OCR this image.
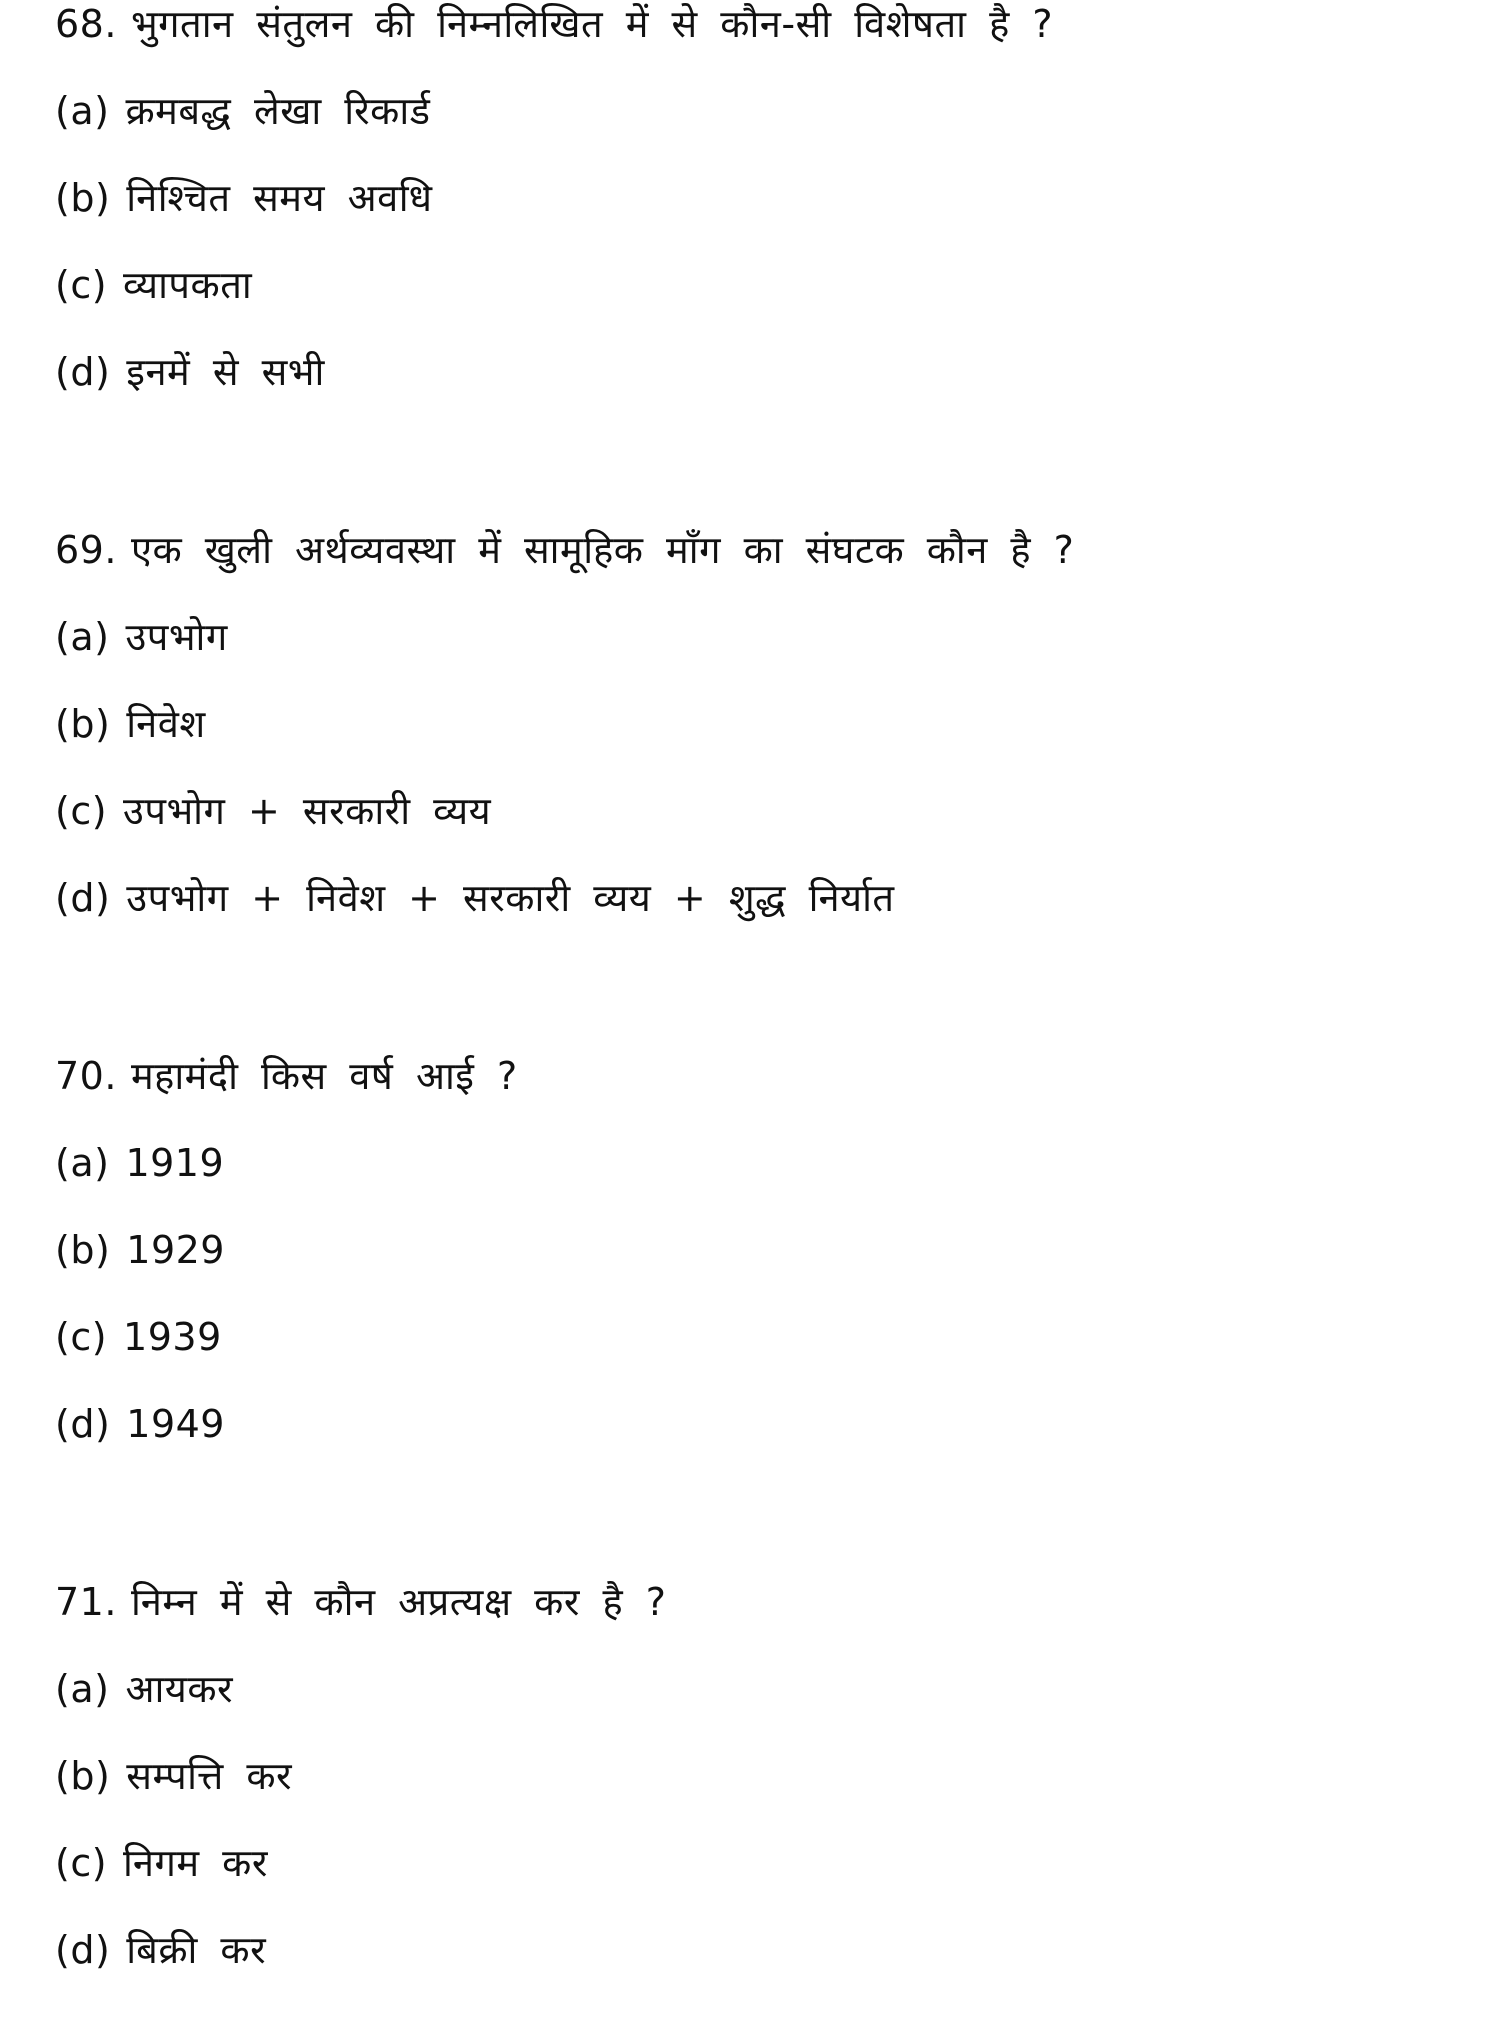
68. भुगतान संतुलन की निम्नलिखित में से कौन-सी विशेषता है ?
(a) क्रमबद्ध लेखा रिकार्ड
(b) निश्चित समय अवधि
(c) व्यापकता
(d) इनमें से सभी
69. एक खुली अर्थव्यवस्था में सामूहिक माँग का संघटक कौन है ?
(a) उपभोग
(b) निवेश
(c) उपभोग + सरकारी व्यय
(d) उपभोग + निवेश + सरकारी व्यय + शुद्ध निर्यात
70. महामंदी किस वर्ष आई ?
(a) 1919
(b) 1929
(c) 1939
(d) 1949
71. निम्न में से कौन अप्रत्यक्ष कर है ?
(a) आयकर
(b) सम्पत्ति कर
(c) निगम कर
(d) बिक्री कर
